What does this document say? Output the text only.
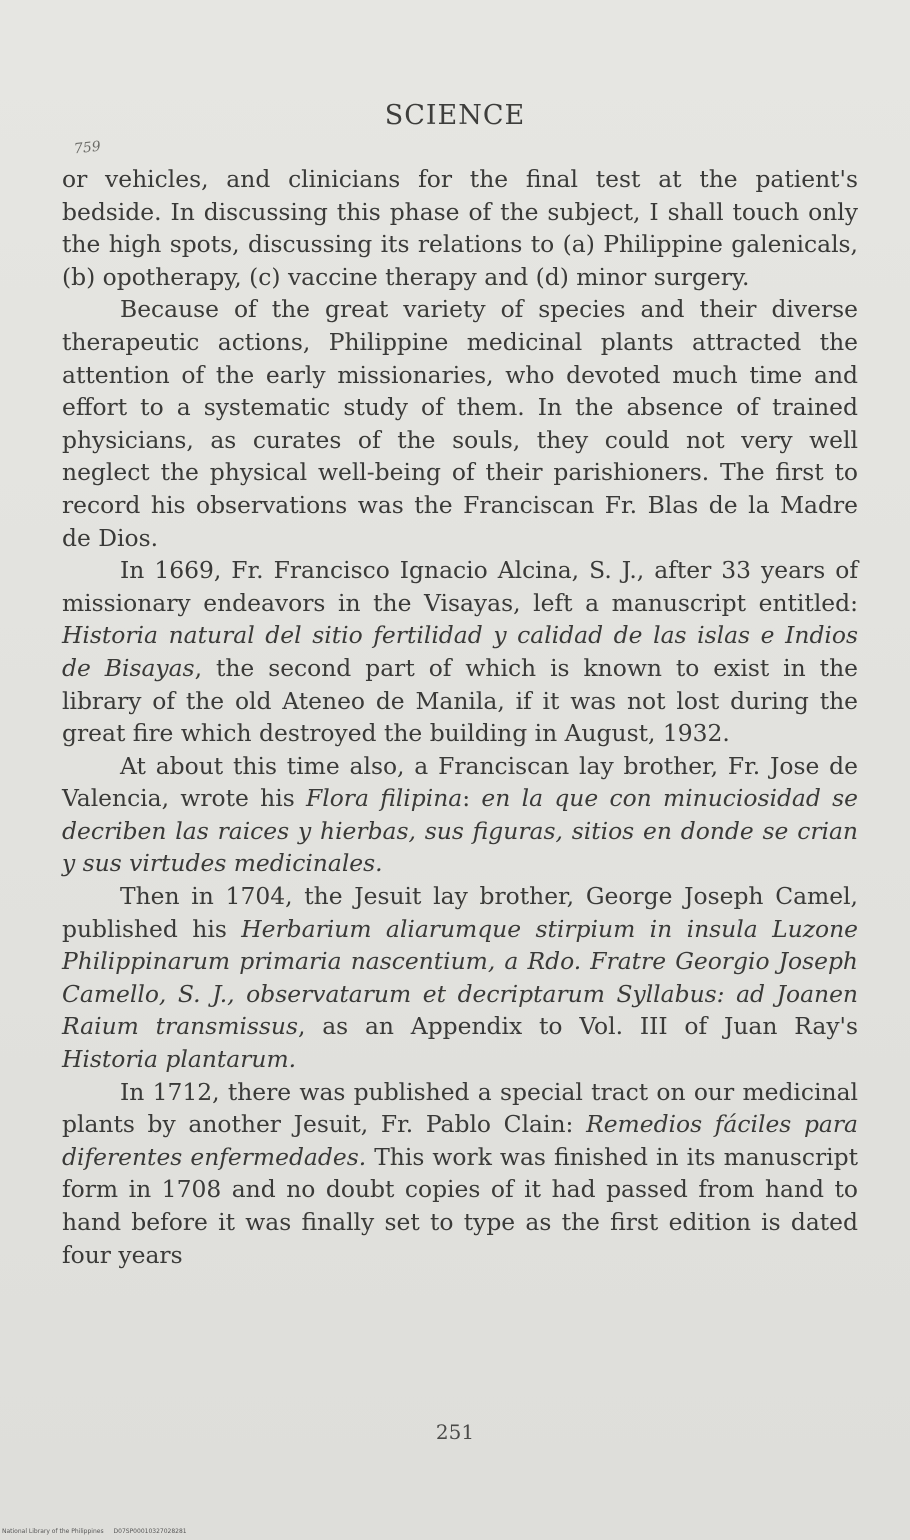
SCIENCE
759

or vehicles, and clinicians for the final test at the patient's bedside. In discussing this phase of the subject, I shall touch only the high spots, discussing its relations to (a) Philippine galenicals, (b) opotherapy, (c) vaccine therapy and (d) minor surgery.

Because of the great variety of species and their diverse therapeutic actions, Philippine medicinal plants attracted the attention of the early missionaries, who devoted much time and effort to a systematic study of them. In the absence of trained physicians, as curates of the souls, they could not very well neglect the physical well-being of their parishioners. The first to record his observations was the Franciscan Fr. Blas de la Madre de Dios.

In 1669, Fr. Francisco Ignacio Alcina, S. J., after 33 years of missionary endeavors in the Visayas, left a manuscript entitled: Historia natural del sitio fertilidad y calidad de las islas e Indios de Bisayas, the second part of which is known to exist in the library of the old Ateneo de Manila, if it was not lost during the great fire which destroyed the building in August, 1932.

At about this time also, a Franciscan lay brother, Fr. Jose de Valencia, wrote his Flora filipina: en la que con minuciosidad se decriben las raices y hierbas, sus figuras, sitios en donde se crian y sus virtudes medicinales.

Then in 1704, the Jesuit lay brother, George Joseph Camel, published his Herbarium aliarumque stirpium in insula Luzone Philippinarum primaria nascentium, a Rdo. Fratre Georgio Joseph Camello, S. J., observatarum et decriptarum Syllabus: ad Joanen Raium transmissus, as an Appendix to Vol. III of Juan Ray's Historia plantarum.

In 1712, there was published a special tract on our medicinal plants by another Jesuit, Fr. Pablo Clain: Remedios fáciles para diferentes enfermedades. This work was finished in its manuscript form in 1708 and no doubt copies of it had passed from hand to hand before it was finally set to type as the first edition is dated four years

251
National Library of the Philippines D07SP00010327028281
